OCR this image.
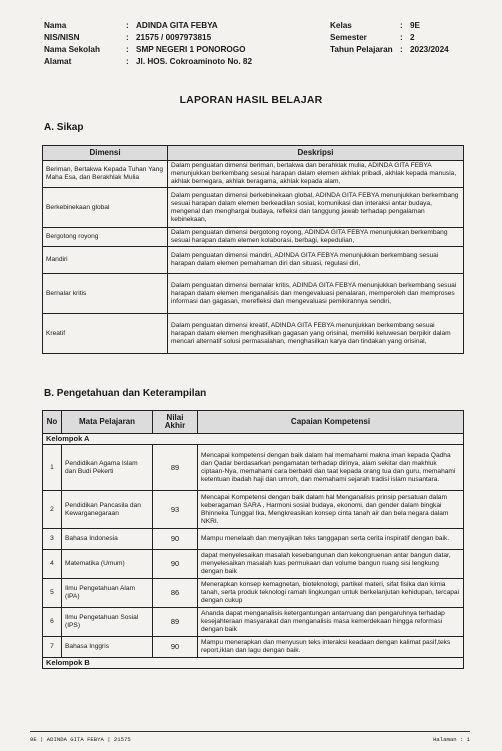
Nama	: ADINDA GITA FEBYA
NIS/NISN	: 21575 / 0097973815
Nama Sekolah	: SMP NEGERI 1 PONOROGO
Alamat	: Jl. HOS. Cokroaminoto No. 82
Kelas	: 9E
Semester	: 2
Tahun Pelajaran : 2023/2024
LAPORAN HASIL BELAJAR
A. Sikap
Dimensi	Deskripsi
Beriman, Bertakwa Kepada Tuhan Yang Maha Esa, dan Berakhlak Mulia	Dalam penguatan dimensi beriman, bertakwa dan berahklak mulia, ADINDA GITA FEBYA menunjukkan berkembang sesuai harapan dalam elemen akhlak pribadi, akhlak kepada manusia, akhlak bernegara, akhlak beragama, akhlak kepada alam,
Berkebinekaan global	Dalam penguatan dimensi berkebinekaan global, ADINDA GITA FEBYA menunjukkan berkembang sesuai harapan dalam elemen berkeadilan sosial, komunikasi dan interaksi antar budaya, mengenal dan menghargai budaya, refleksi dan tanggung jawab terhadap pengalaman kebinekaan,
Bergotong royong	Dalam penguatan dimensi bergotong royong, ADINDA GITA FEBYA menunjukkan berkembang sesuai harapan dalam elemen kolaborasi, berbagi, kepedulian,
Mandiri	Dalam penguatan dimensi mandiri, ADINDA GITA FEBYA menunjukkan berkembang sesuai harapan dalam elemen pemahaman diri dan situasi, regulasi diri,
Bernalar kritis	Dalam penguatan dimensi bernalar kritis, ADINDA GITA FEBYA menunjukkan berkembang sesuai harapan dalam elemen menganalisis dan mengevaluasi penalaran, memperoleh dan memproses informasi dan gagasan, merefleksi dan mengevaluasi pemikirannya sendiri,
Kreatif	Dalam penguatan dimensi kreatif, ADINDA GITA FEBYA menunjukkan berkembang sesuai harapan dalam elemen menghasilkan gagasan yang orisinal, memiliki keluwesan berpikir dalam mencari alternatif solusi permasalahan, menghasilkan karya dan tindakan yang orisinal,
B. Pengetahuan dan Keterampilan
No	Mata Pelajaran	Nilai Akhir	Capaian Kompetensi
Kelompok A			
1	Pendidikan Agama Islam dan Budi Pekerti	89	Mencapai kompetensi dengan baik dalam hal memahami makna iman kepada Qadha dan Qadar berdasarkan pengamatan terhadap dirinya, alam sekitar dan makhluk ciptaan-Nya, memahami cara berbakti dan taat kepada orang tua dan guru, memahami ketentuan ibadah haji dan umroh, dan memahami sejarah tradisi islam nusantara.
2	Pendidikan Pancasila dan Kewarganegaraan	93	Mencapai Kompetensi dengan baik dalam hal Menganalisis prinsip persatuan dalam keberagaman SARA , Harmoni sosial budaya, ekonomi, dan gender dalam bingkai Bhinneka Tunggal Ika, Mengkreasikan konsep cinta tanah air dan bela negara dalam NKRI.
3	Bahasa Indonesia	90	Mampu menelaah dan menyajikan teks tanggapan serta cerita inspiratif dengan baik.
4	Matematika (Umum)	90	dapat menyelesaikan masalah kesebangunan dan kekongruenan antar bangun datar, menyelesaikan masalah luas permukaan dan volume bangun ruang sisi lengkung dengan baik
5	Ilmu Pengetahuan Alam (IPA)	86	Menerapkan konsep kemagnetan, bioteknologi, partikel materi, sifat fisika dan kimia tanah, serta produk teknologi ramah lingkungan untuk berkelanjutan kehidupan, tercapai dengan cukup
6	Ilmu Pengetahuan Sosial (IPS)	89	Ananda dapat menganalisis ketergantungan antarruang dan pengaruhnya terhadap kesejahteraan masyarakat dan menganalisis masa kemerdekaan hingga reformasi dengan baik
7	Bahasa Inggris	90	Mampu menerapkan dan menyusun teks interaksi keadaan dengan kalimat pasif,teks report,iklan dan lagu dengan baik.
Kelompok B			
9E | ADINDA GITA FEBYA | 21575	Halaman : 1
